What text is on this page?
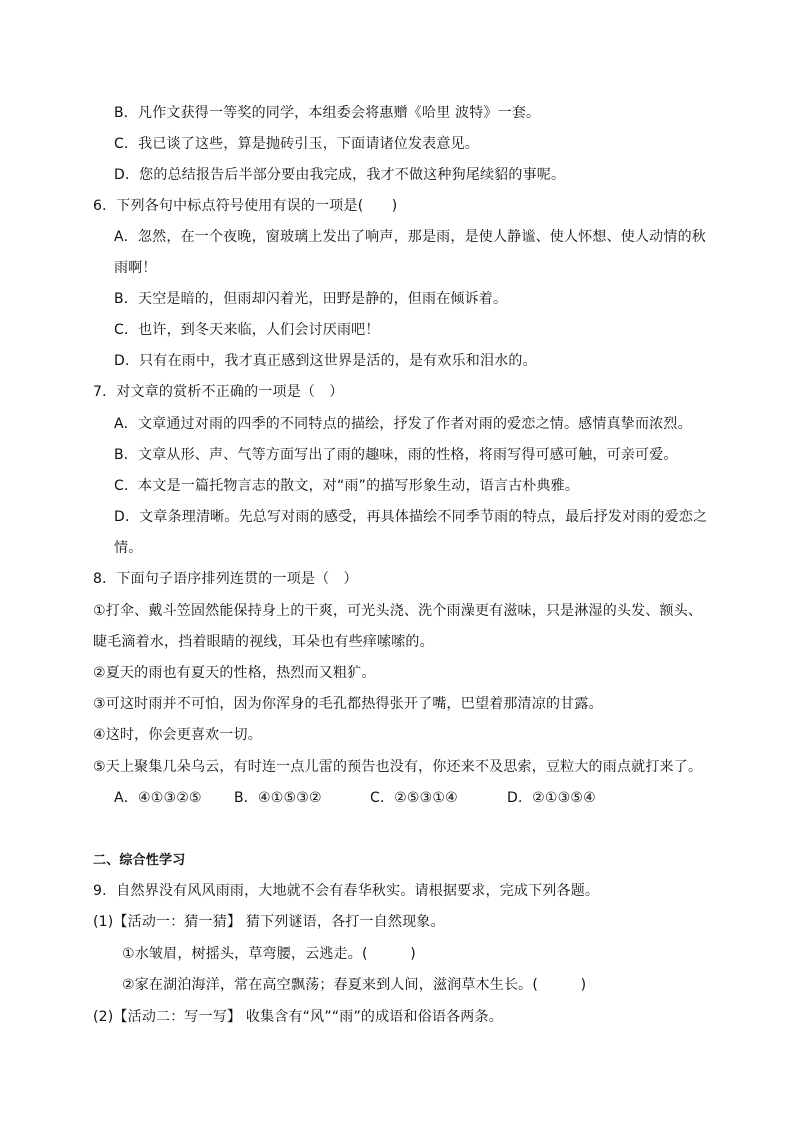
B．凡作文获得一等奖的同学，本组委会将惠赠《哈里 波特》一套。
C．我已谈了这些，算是抛砖引玉，下面请诸位发表意见。
D．您的总结报告后半部分要由我完成，我才不做这种狗尾续貂的事呢。
6．下列各句中标点符号使用有误的一项是(　　)
A．忽然，在一个夜晚，窗玻璃上发出了响声，那是雨，是使人静谧、使人怀想、使人动情的秋
雨啊！
B．天空是暗的，但雨却闪着光，田野是静的，但雨在倾诉着。
C．也许，到冬天来临，人们会讨厌雨吧！
D．只有在雨中，我才真正感到这世界是活的，是有欢乐和泪水的。
7．对文章的赏析不正确的一项是（　）
A．文章通过对雨的四季的不同特点的描绘，抒发了作者对雨的爱恋之情。感情真挚而浓烈。
B．文章从形、声、气等方面写出了雨的趣味，雨的性格，将雨写得可感可触，可亲可爱。
C．本文是一篇托物言志的散文，对“雨”的描写形象生动，语言古朴典雅。
D．文章条理清晰。先总写对雨的感受，再具体描绘不同季节雨的特点，最后抒发对雨的爱恋之
情。
8．下面句子语序排列连贯的一项是（　）
①打伞、戴斗笠固然能保持身上的干爽，可光头浇、洗个雨澡更有滋味，只是淋湿的头发、额头、
睫毛滴着水，挡着眼睛的视线，耳朵也有些痒嗦嗦的。
②夏天的雨也有夏天的性格，热烈而又粗犷。
③可这时雨并不可怕，因为你浑身的毛孔都热得张开了嘴，巴望着那清凉的甘露。
④这时，你会更喜欢一切。
⑤天上聚集几朵乌云，有时连一点儿雷的预告也没有，你还来不及思索，豆粒大的雨点就打来了。
A．④①③②⑤ B．④①⑤③②	C．②⑤③①④	D．②①③⑤④
二、综合性学习
9．自然界没有风风雨雨，大地就不会有春华秋实。请根据要求，完成下列各题。
(1)【活动一：猜一猜】 猜下列谜语，各打一自然现象。
①水皱眉，树摇头，草弯腰，云逃走。(　　　)
②家在湖泊海洋，常在高空飘荡；春夏来到人间，滋润草木生长。(　　　)
(2)【活动二：写一写】 收集含有“风”“雨”的成语和俗语各两条。
